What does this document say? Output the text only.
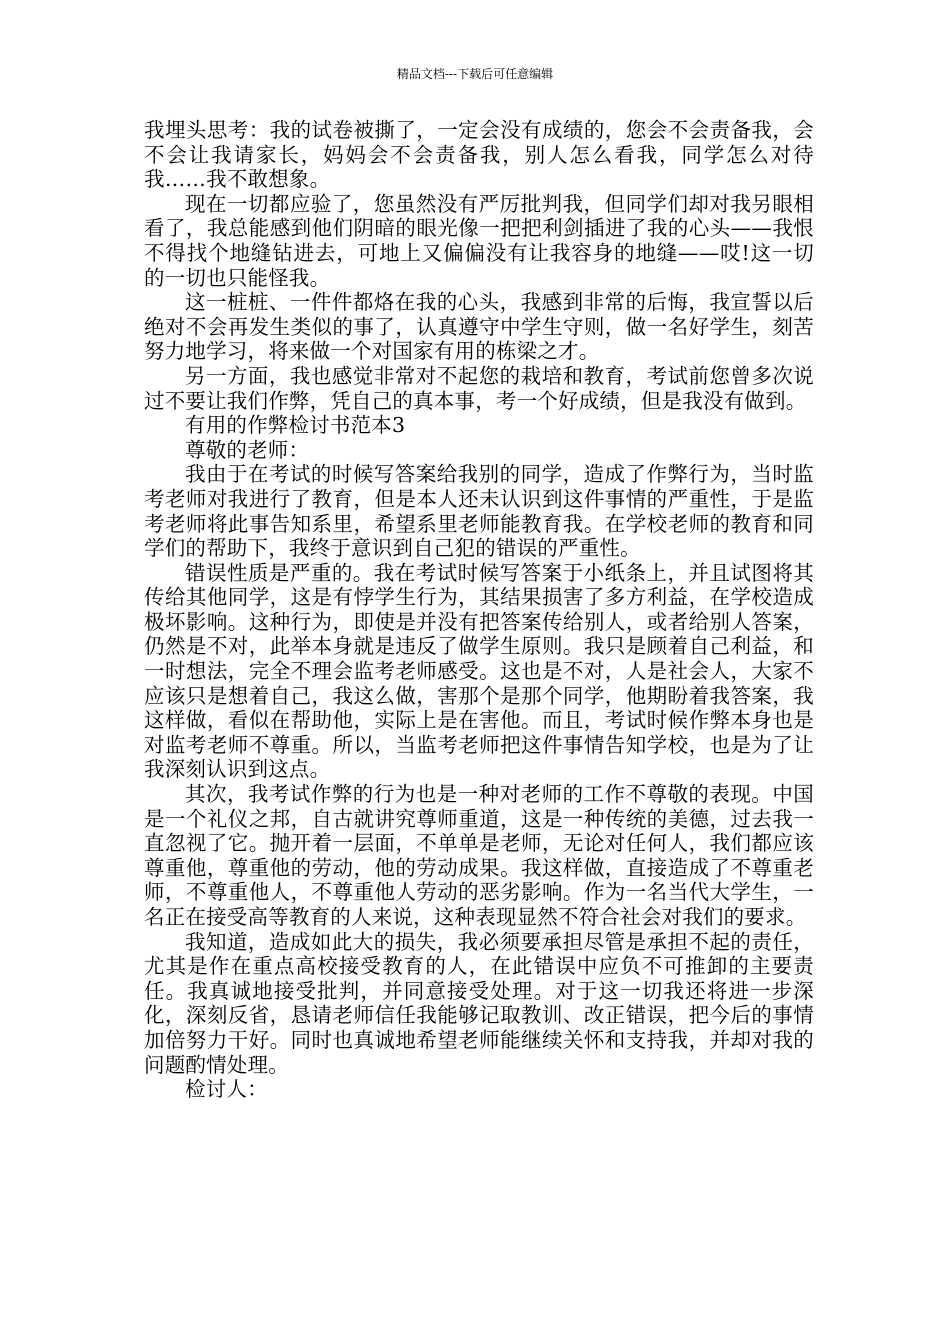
精品文档---下载后可任意编辑

我埋头思考：我的试卷被撕了，一定会没有成绩的，您会不会责备我，会不会让我请家长，妈妈会不会责备我，别人怎么看我，同学怎么对待我……我不敢想象。

现在一切都应验了，您虽然没有严厉批判我，但同学们却对我另眼相看了，我总能感到他们阴暗的眼光像一把把利剑插进了我的心头——我恨不得找个地缝钻进去，可地上又偏偏没有让我容身的地缝——哎!这一切的一切也只能怪我。

这一桩桩、一件件都烙在我的心头，我感到非常的后悔，我宣誓以后绝对不会再发生类似的事了，认真遵守中学生守则，做一名好学生，刻苦努力地学习，将来做一个对国家有用的栋梁之才。

另一方面，我也感觉非常对不起您的栽培和教育，考试前您曾多次说过不要让我们作弊，凭自己的真本事，考一个好成绩，但是我没有做到。

有用的作弊检讨书范本3

尊敬的老师：

我由于在考试的时候写答案给我别的同学，造成了作弊行为，当时监考老师对我进行了教育，但是本人还未认识到这件事情的严重性，于是监考老师将此事告知系里，希望系里老师能教育我。在学校老师的教育和同学们的帮助下，我终于意识到自己犯的错误的严重性。

错误性质是严重的。我在考试时候写答案于小纸条上，并且试图将其传给其他同学，这是有悖学生行为，其结果损害了多方利益，在学校造成极坏影响。这种行为，即使是并没有把答案传给别人，或者给别人答案，仍然是不对，此举本身就是违反了做学生原则。我只是顾着自己利益，和一时想法，完全不理会监考老师感受。这也是不对，人是社会人，大家不应该只是想着自己，我这么做，害那个是那个同学，他期盼着我答案，我这样做，看似在帮助他，实际上是在害他。而且，考试时候作弊本身也是对监考老师不尊重。所以，当监考老师把这件事情告知学校，也是为了让我深刻认识到这点。

其次，我考试作弊的行为也是一种对老师的工作不尊敬的表现。中国是一个礼仪之邦，自古就讲究尊师重道，这是一种传统的美德，过去我一直忽视了它。抛开着一层面，不单单是老师，无论对任何人，我们都应该尊重他，尊重他的劳动，他的劳动成果。我这样做，直接造成了不尊重老师，不尊重他人，不尊重他人劳动的恶劣影响。作为一名当代大学生，一名正在接受高等教育的人来说，这种表现显然不符合社会对我们的要求。

我知道，造成如此大的损失，我必须要承担尽管是承担不起的责任，尤其是作在重点高校接受教育的人，在此错误中应负不可推卸的主要责任。我真诚地接受批判，并同意接受处理。对于这一切我还将进一步深化，深刻反省，恳请老师信任我能够记取教训、改正错误，把今后的事情加倍努力干好。同时也真诚地希望老师能继续关怀和支持我，并却对我的问题酌情处理。

检讨人：
